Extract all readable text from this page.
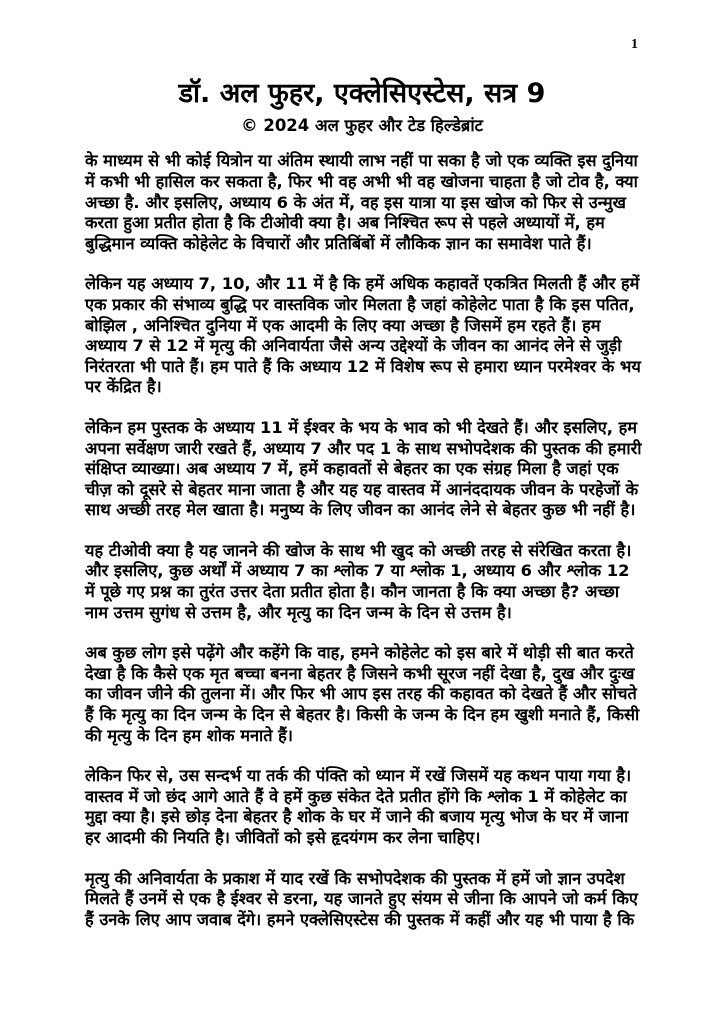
1
डॉ. अल फुहर, एक्लेसिएस्टेस, सत्र 9
© 2024 अल फुहर और टेड हिल्डेब्रांट

के माध्यम से भी कोई यित्रोन या अंतिम स्थायी लाभ नहीं पा सका है जो एक व्यक्ति इस दुनिया में कभी भी हासिल कर सकता है, फिर भी वह अभी भी वह खोजना चाहता है जो टोव है, क्या अच्छा है. और इसलिए, अध्याय 6 के अंत में, वह इस यात्रा या इस खोज को फिर से उन्मुख करता हुआ प्रतीत होता है कि टीओवी क्या है। अब निश्चित रूप से पहले अध्यायों में, हम बुद्धिमान व्यक्ति कोहेलेट के विचारों और प्रतिबिंबों में लौकिक ज्ञान का समावेश पाते हैं।

लेकिन यह अध्याय 7, 10, और 11 में है कि हमें अधिक कहावतें एकत्रित मिलती हैं और हमें एक प्रकार की संभाव्य बुद्धि पर वास्तविक जोर मिलता है जहां कोहेलेट पाता है कि इस पतित, बोझिल , अनिश्चित दुनिया में एक आदमी के लिए क्या अच्छा है जिसमें हम रहते हैं। हम अध्याय 7 से 12 में मृत्यु की अनिवार्यता जैसे अन्य उद्देश्यों के जीवन का आनंद लेने से जुड़ी निरंतरता भी पाते हैं। हम पाते हैं कि अध्याय 12 में विशेष रूप से हमारा ध्यान परमेश्वर के भय पर केंद्रित है।

लेकिन हम पुस्तक के अध्याय 11 में ईश्वर के भय के भाव को भी देखते हैं। और इसलिए, हम अपना सर्वेक्षण जारी रखते हैं, अध्याय 7 और पद 1 के साथ सभोपदेशक की पुस्तक की हमारी संक्षिप्त व्याख्या। अब अध्याय 7 में, हमें कहावतों से बेहतर का एक संग्रह मिला है जहां एक चीज़ को दूसरे से बेहतर माना जाता है और यह यह वास्तव में आनंददायक जीवन के परहेजों के साथ अच्छी तरह मेल खाता है। मनुष्य के लिए जीवन का आनंद लेने से बेहतर कुछ भी नहीं है।

यह टीओवी क्या है यह जानने की खोज के साथ भी खुद को अच्छी तरह से संरेखित करता है। और इसलिए, कुछ अर्थों में अध्याय 7 का श्लोक 7 या श्लोक 1, अध्याय 6 और श्लोक 12 में पूछे गए प्रश्न का तुरंत उत्तर देता प्रतीत होता है। कौन जानता है कि क्या अच्छा है? अच्छा नाम उत्तम सुगंध से उत्तम है, और मृत्यु का दिन जन्म के दिन से उत्तम है।

अब कुछ लोग इसे पढ़ेंगे और कहेंगे कि वाह, हमने कोहेलेट को इस बारे में थोड़ी सी बात करते देखा है कि कैसे एक मृत बच्चा बनना बेहतर है जिसने कभी सूरज नहीं देखा है, दुख और दुःख का जीवन जीने की तुलना में। और फिर भी आप इस तरह की कहावत को देखते हैं और सोचते हैं कि मृत्यु का दिन जन्म के दिन से बेहतर है। किसी के जन्म के दिन हम खुशी मनाते हैं, किसी की मृत्यु के दिन हम शोक मनाते हैं।

लेकिन फिर से, उस सन्दर्भ या तर्क की पंक्ति को ध्यान में रखें जिसमें यह कथन पाया गया है। वास्तव में जो छंद आगे आते हैं वे हमें कुछ संकेत देते प्रतीत होंगे कि श्लोक 1 में कोहेलेट का मुद्दा क्या है। इसे छोड़ देना बेहतर है शोक के घर में जाने की बजाय मृत्यु भोज के घर में जाना हर आदमी की नियति है। जीवितों को इसे हृदयंगम कर लेना चाहिए।

मृत्यु की अनिवार्यता के प्रकाश में याद रखें कि सभोपदेशक की पुस्तक में हमें जो ज्ञान उपदेश मिलते हैं उनमें से एक है ईश्वर से डरना, यह जानते हुए संयम से जीना कि आपने जो कर्म किए हैं उनके लिए आप जवाब देंगे। हमने एक्लेसिएस्टेस की पुस्तक में कहीं और यह भी पाया है कि
